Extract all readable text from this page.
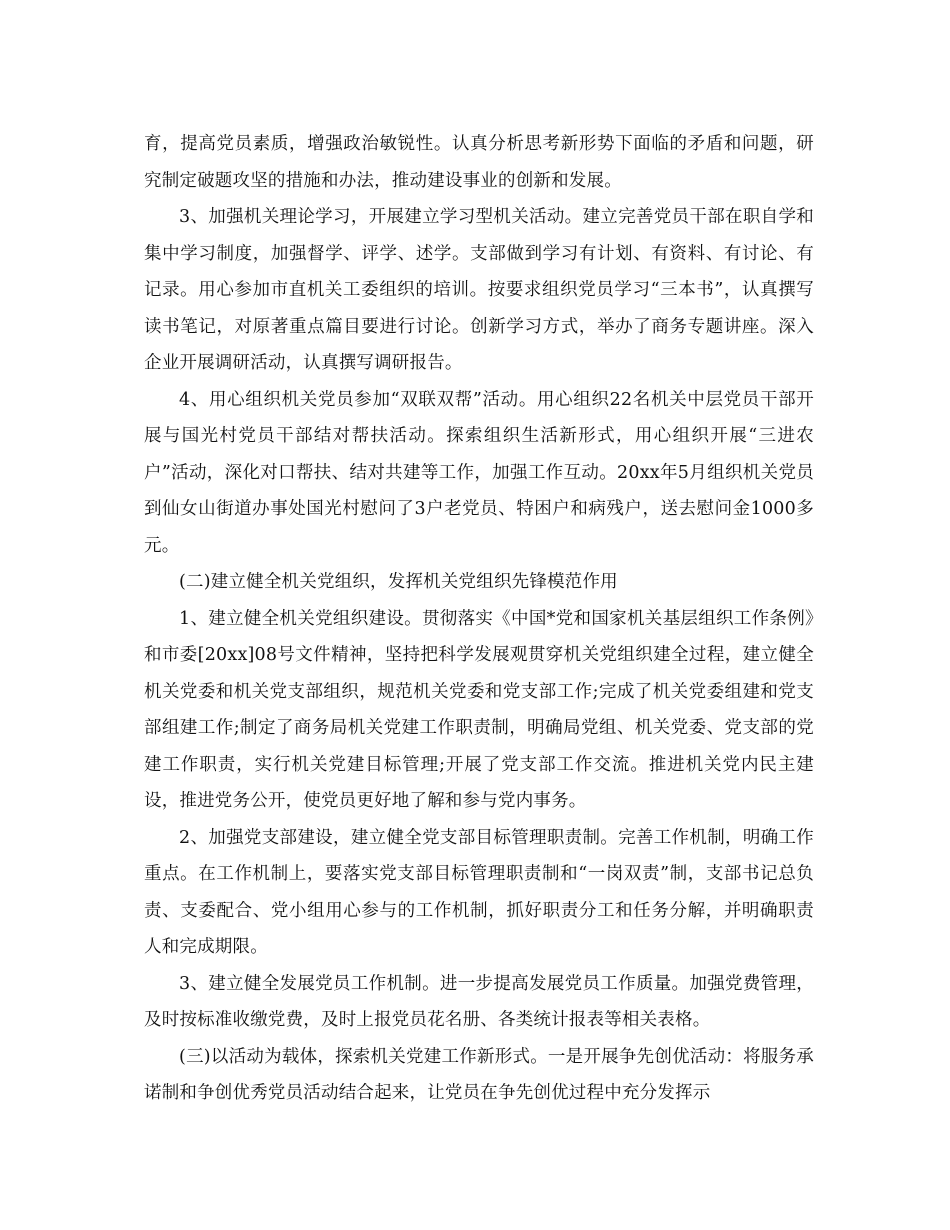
育，提高党员素质，增强政治敏锐性。认真分析思考新形势下面临的矛盾和问题，研究制定破题攻坚的措施和办法，推动建设事业的创新和发展。

3、加强机关理论学习，开展建立学习型机关活动。建立完善党员干部在职自学和集中学习制度，加强督学、评学、述学。支部做到学习有计划、有资料、有讨论、有记录。用心参加市直机关工委组织的培训。按要求组织党员学习“三本书”，认真撰写读书笔记，对原著重点篇目要进行讨论。创新学习方式，举办了商务专题讲座。深入企业开展调研活动，认真撰写调研报告。

4、用心组织机关党员参加“双联双帮”活动。用心组织22名机关中层党员干部开展与国光村党员干部结对帮扶活动。探索组织生活新形式，用心组织开展“三进农户”活动，深化对口帮扶、结对共建等工作，加强工作互动。20xx年5月组织机关党员到仙女山街道办事处国光村慰问了3户老党员、特困户和病残户，送去慰问金1000多元。

(二)建立健全机关党组织，发挥机关党组织先锋模范作用

1、建立健全机关党组织建设。贯彻落实《中国*党和国家机关基层组织工作条例》和市委[20xx]08号文件精神，坚持把科学发展观贯穿机关党组织建全过程，建立健全机关党委和机关党支部组织，规范机关党委和党支部工作;完成了机关党委组建和党支部组建工作;制定了商务局机关党建工作职责制，明确局党组、机关党委、党支部的党建工作职责，实行机关党建目标管理;开展了党支部工作交流。推进机关党内民主建设，推进党务公开，使党员更好地了解和参与党内事务。

2、加强党支部建设，建立健全党支部目标管理职责制。完善工作机制，明确工作重点。在工作机制上，要落实党支部目标管理职责制和“一岗双责”制，支部书记总负责、支委配合、党小组用心参与的工作机制，抓好职责分工和任务分解，并明确职责人和完成期限。

3、建立健全发展党员工作机制。进一步提高发展党员工作质量。加强党费管理，及时按标准收缴党费，及时上报党员花名册、各类统计报表等相关表格。

(三)以活动为载体，探索机关党建工作新形式。一是开展争先创优活动：将服务承诺制和争创优秀党员活动结合起来，让党员在争先创优过程中充分发挥示
